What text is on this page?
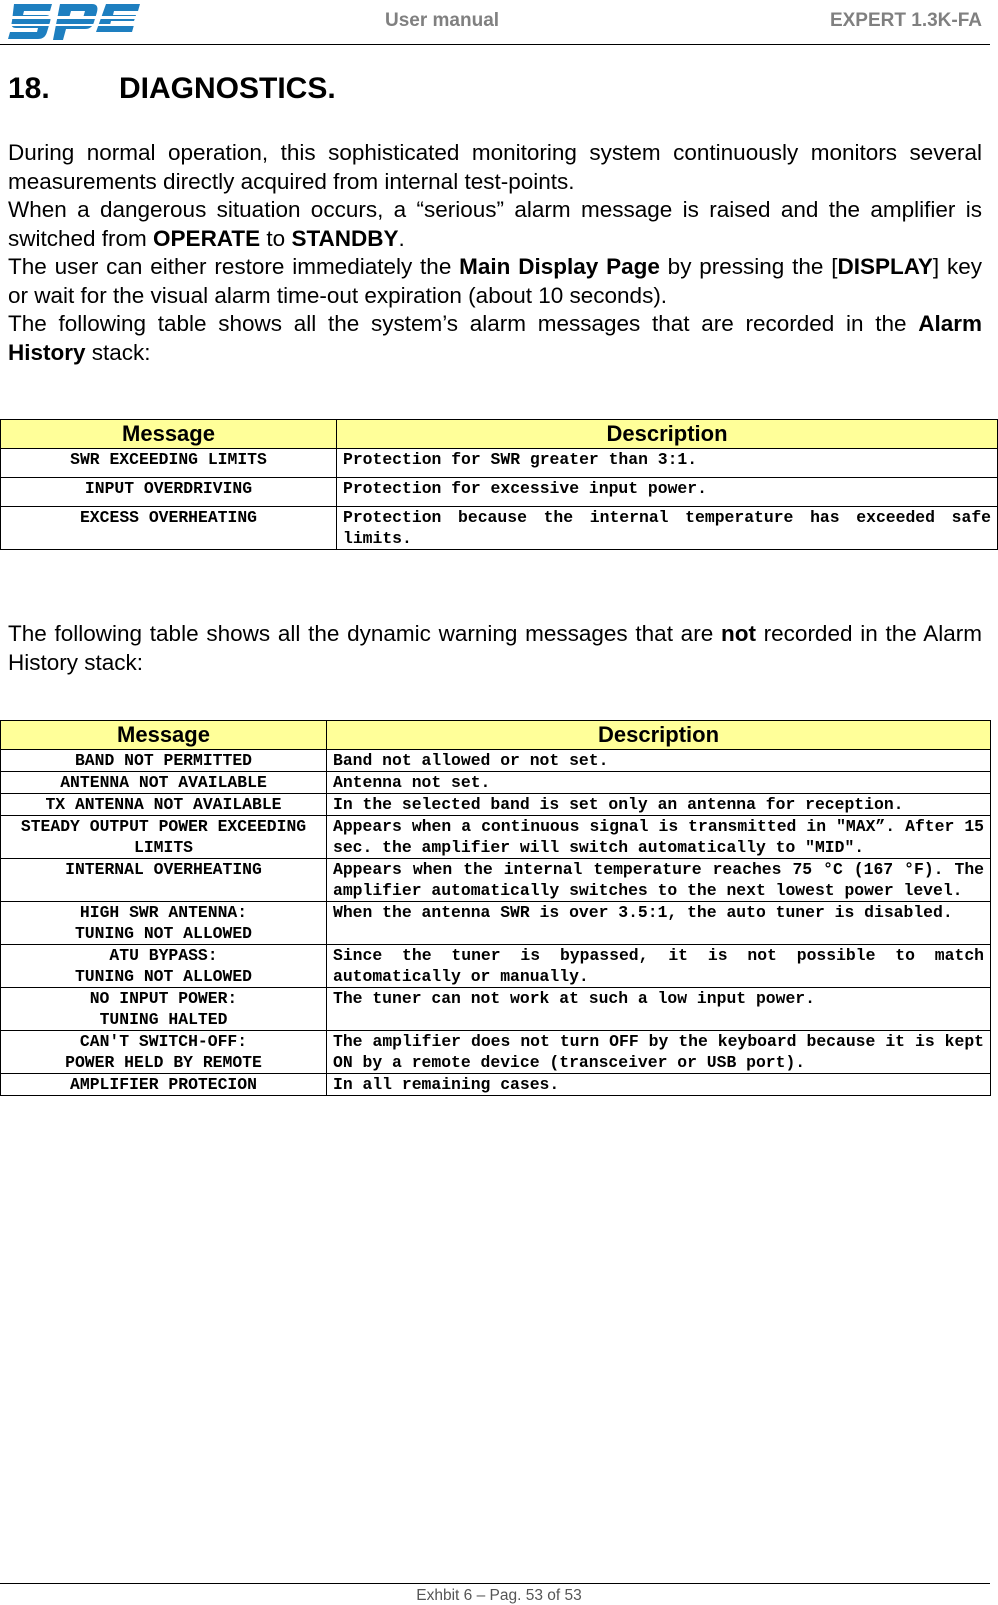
User manual	EXPERT 1.3K-FA
18. DIAGNOSTICS.
During normal operation, this sophisticated monitoring system continuously monitors several measurements directly acquired from internal test-points.
When a dangerous situation occurs, a “serious” alarm message is raised and the amplifier is switched from OPERATE to STANDBY.
The user can either restore immediately the Main Display Page by pressing the [DISPLAY] key or wait for the visual alarm time-out expiration (about 10 seconds).
The following table shows all the system’s alarm messages that are recorded in the Alarm History stack:
Message	Description
SWR EXCEEDING LIMITS	Protection for SWR greater than 3:1.
INPUT OVERDRIVING	Protection for excessive input power.
EXCESS OVERHEATING	Protection because the internal temperature has exceeded safe limits.
The following table shows all the dynamic warning messages that are not recorded in the Alarm History stack:
Message	Description
BAND NOT PERMITTED	Band not allowed or not set.
ANTENNA NOT AVAILABLE	Antenna not set.
TX ANTENNA NOT AVAILABLE	In the selected band is set only an antenna for reception.
STEADY OUTPUT POWER EXCEEDING LIMITS	Appears when a continuous signal is transmitted in "MAX”. After 15 sec. the amplifier will switch automatically to "MID".
INTERNAL OVERHEATING	Appears when the internal temperature reaches 75 °C (167 °F). The amplifier automatically switches to the next lowest power level.
HIGH SWR ANTENNA:
TUNING NOT ALLOWED	When the antenna SWR is over 3.5:1, the auto tuner is disabled.
ATU BYPASS:
TUNING NOT ALLOWED	Since the tuner is bypassed, it is not possible to match automatically or manually.
NO INPUT POWER:
TUNING HALTED	The tuner can not work at such a low input power.
CAN'T SWITCH-OFF:
POWER HELD BY REMOTE	The amplifier does not turn OFF by the keyboard because it is kept ON by a remote device (transceiver or USB port).
AMPLIFIER PROTECION	In all remaining cases.
Exhbit 6 – Pag. 53 of 53
